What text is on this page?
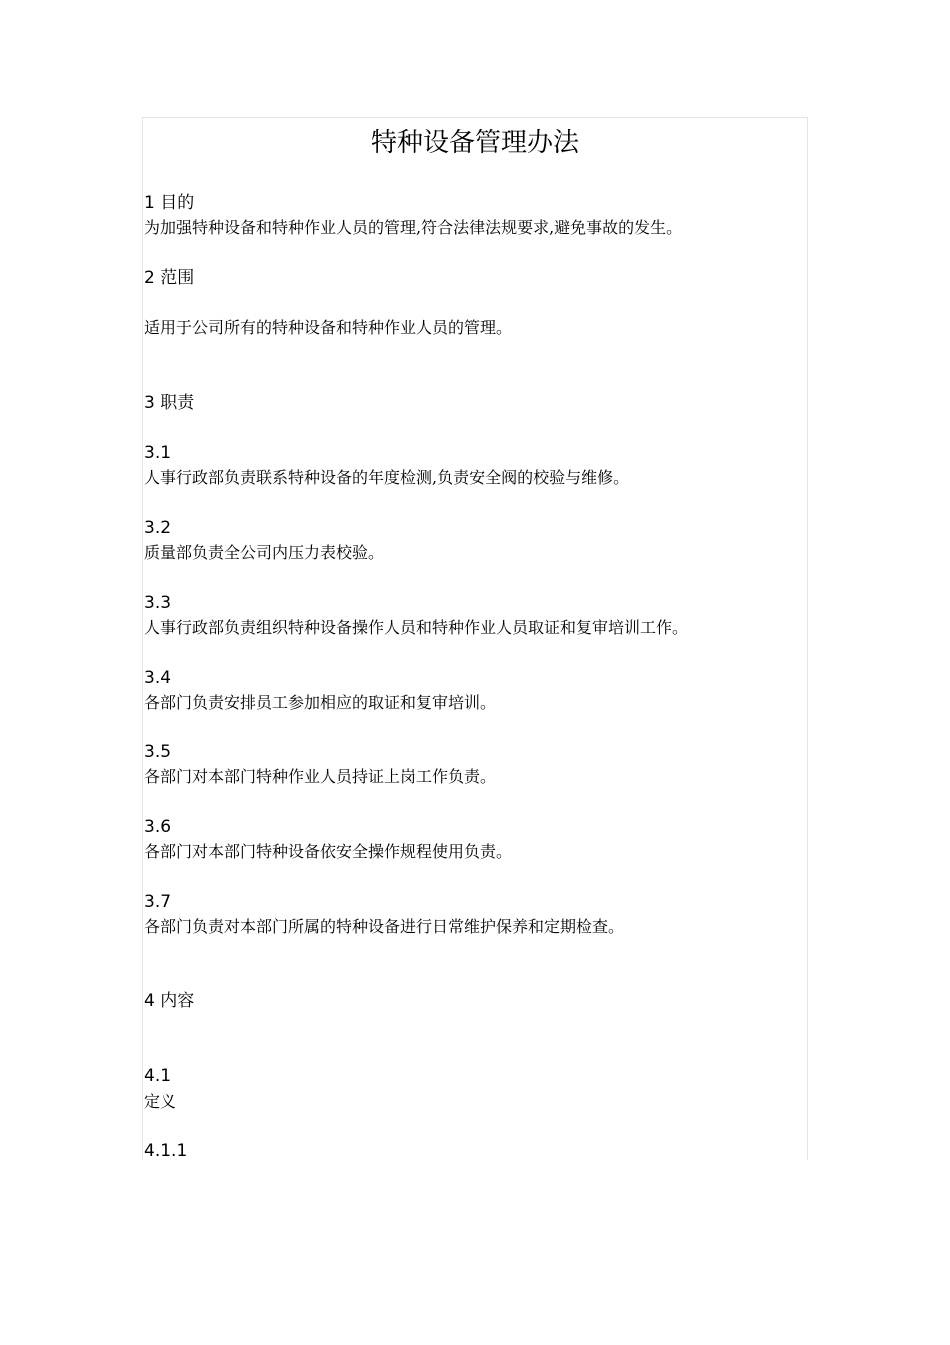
特种设备管理办法
1 目的
为加强特种设备和特种作业人员的管理,符合法律法规要求,避免事故的发生。
2 范围
适用于公司所有的特种设备和特种作业人员的管理。
3 职责
3.1
人事行政部负责联系特种设备的年度检测,负责安全阀的校验与维修。
3.2
质量部负责全公司内压力表校验。
3.3
人事行政部负责组织特种设备操作人员和特种作业人员取证和复审培训工作。
3.4
各部门负责安排员工参加相应的取证和复审培训。
3.5
各部门对本部门特种作业人员持证上岗工作负责。
3.6
各部门对本部门特种设备依安全操作规程使用负责。
3.7
各部门负责对本部门所属的特种设备进行日常维护保养和定期检查。
4 内容
4.1
定义
4.1.1
